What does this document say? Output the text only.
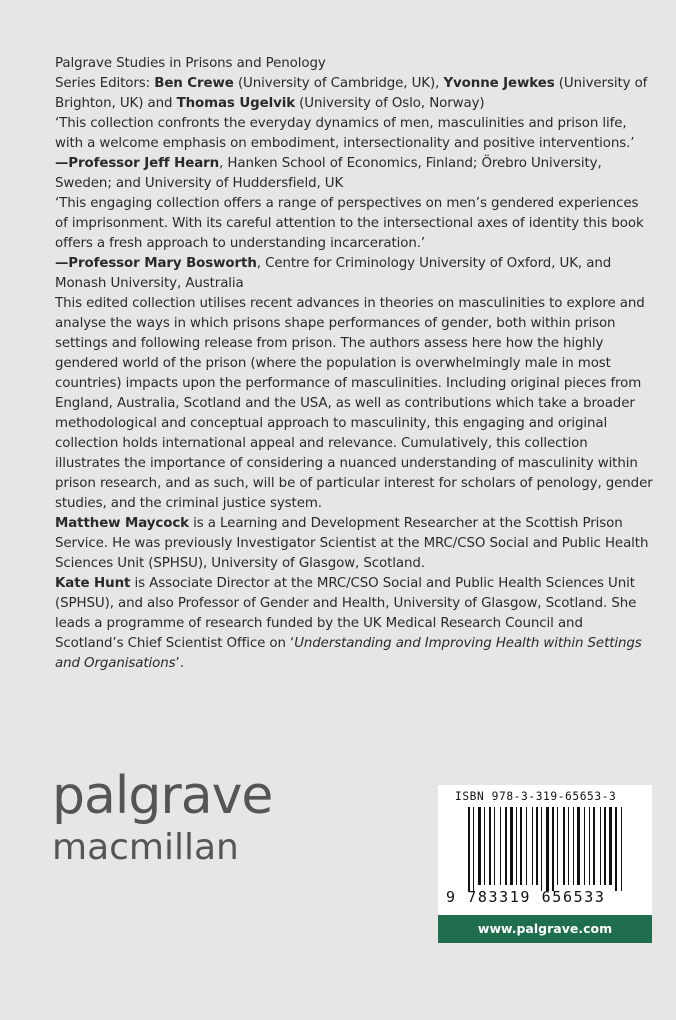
Palgrave Studies in Prisons and Penology
Series Editors: Ben Crewe (University of Cambridge, UK), Yvonne Jewkes (University of Brighton, UK) and Thomas Ugelvik (University of Oslo, Norway)

‘This collection confronts the everyday dynamics of men, masculinities and prison life, with a welcome emphasis on embodiment, intersectionality and positive interventions.’
—Professor Jeff Hearn, Hanken School of Economics, Finland; Örebro University, Sweden; and University of Huddersfield, UK

‘This engaging collection offers a range of perspectives on men’s gendered experiences of imprisonment. With its careful attention to the intersectional axes of identity this book offers a fresh approach to understanding incarceration.’
—Professor Mary Bosworth, Centre for Criminology University of Oxford, UK, and Monash University, Australia

This edited collection utilises recent advances in theories on masculinities to explore and analyse the ways in which prisons shape performances of gender, both within prison settings and following release from prison. The authors assess here how the highly gendered world of the prison (where the population is overwhelmingly male in most countries) impacts upon the performance of masculinities. Including original pieces from England, Australia, Scotland and the USA, as well as contributions which take a broader methodological and conceptual approach to masculinity, this engaging and original collection holds international appeal and relevance. Cumulatively, this collection illustrates the importance of considering a nuanced understanding of masculinity within prison research, and as such, will be of particular interest for scholars of penology, gender studies, and the criminal justice system.

Matthew Maycock is a Learning and Development Researcher at the Scottish Prison Service. He was previously Investigator Scientist at the MRC/CSO Social and Public Health Sciences Unit (SPHSU), University of Glasgow, Scotland.

Kate Hunt is Associate Director at the MRC/CSO Social and Public Health Sciences Unit (SPHSU), and also Professor of Gender and Health, University of Glasgow, Scotland. She leads a programme of research funded by the UK Medical Research Council and Scotland’s Chief Scientist Office on ‘Understanding and Improving Health within Settings and Organisations’.

palgrave
macmillan
ISBN 978-3-319-65653-3
9 783319 656533
www.palgrave.com
